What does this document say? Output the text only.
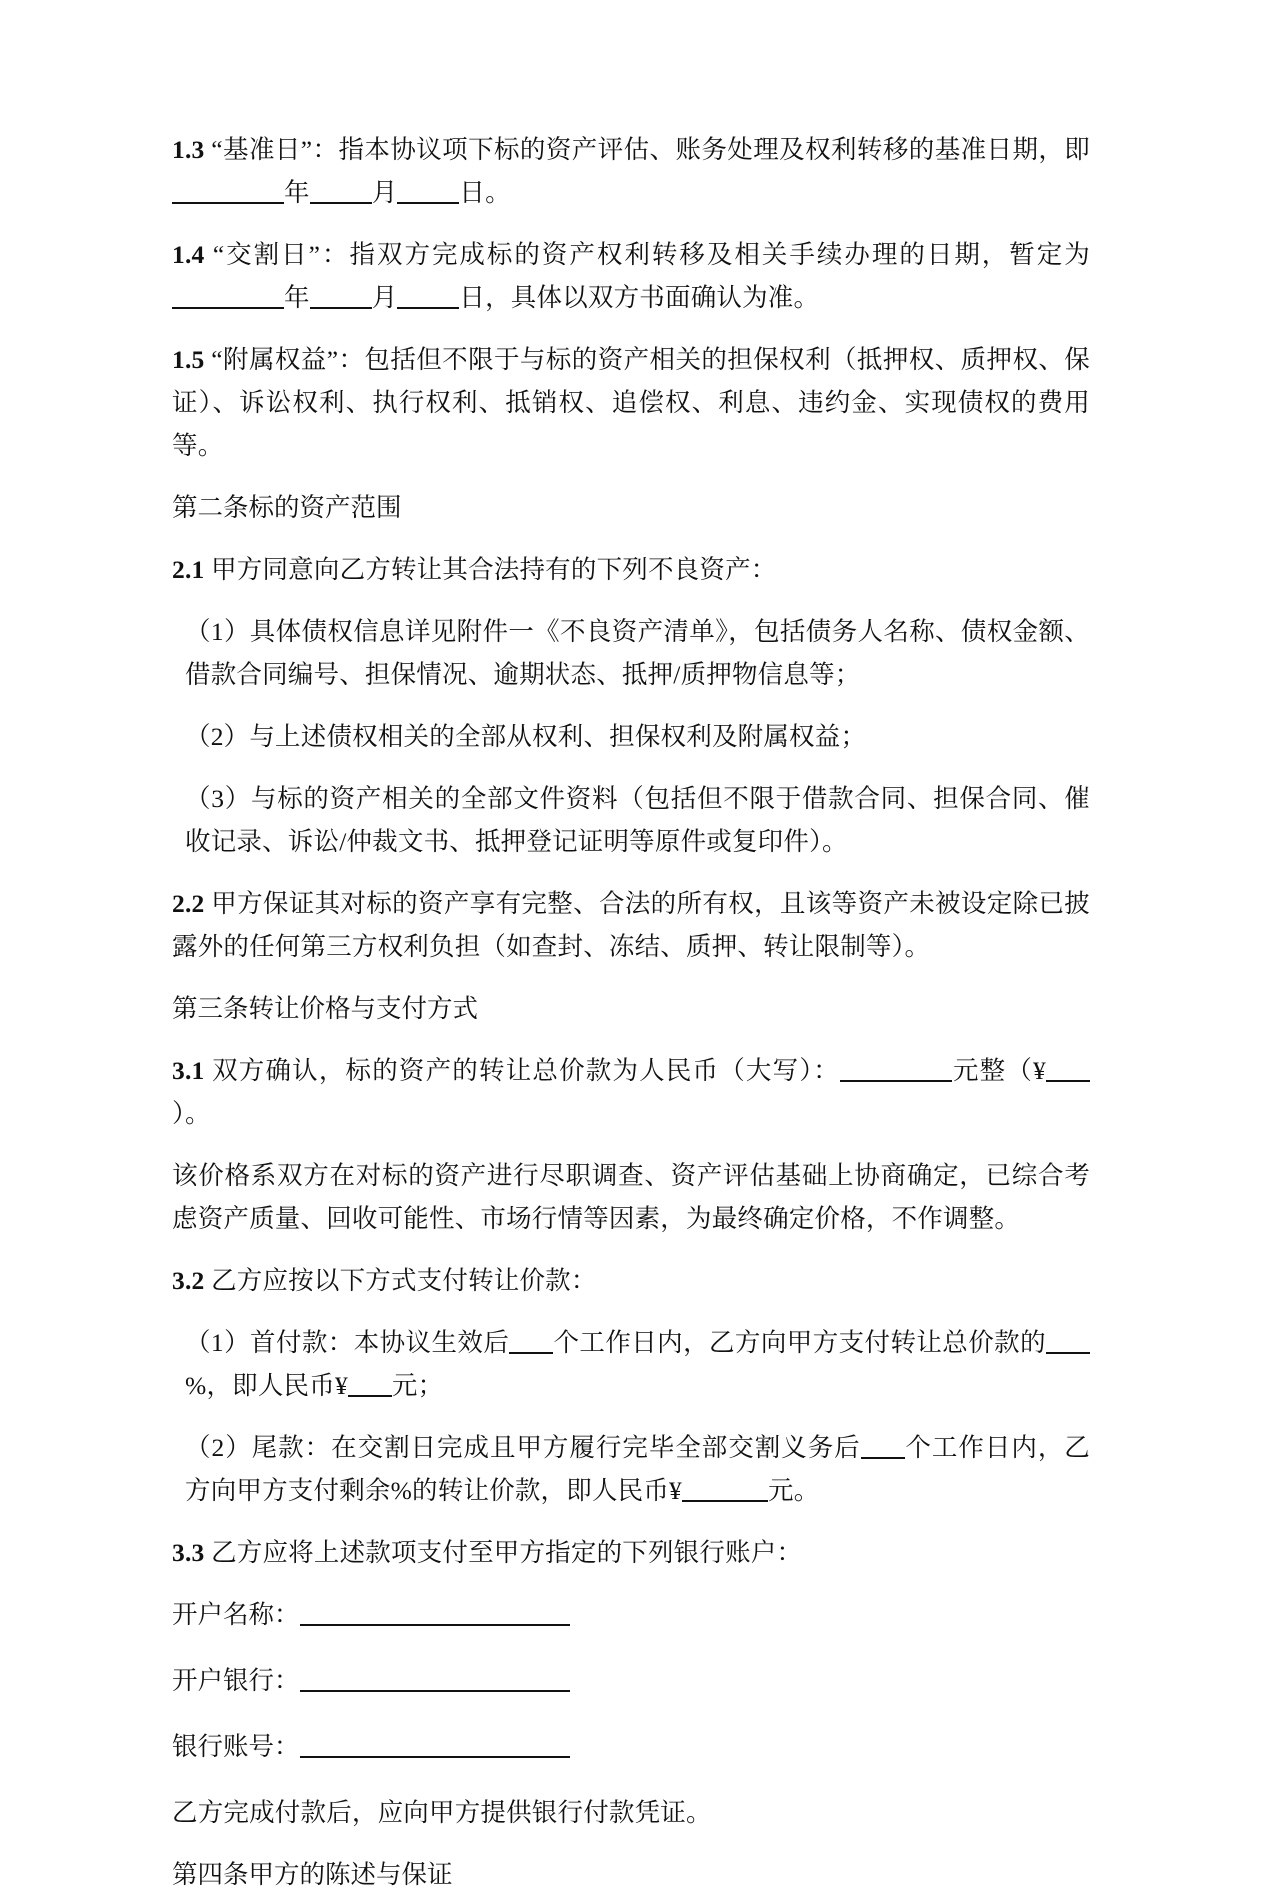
1.3 “基准日”：指本协议项下标的资产评估、账务处理及权利转移的基准日期，即年 月 日。

1.4 “交割日”：指双方完成标的资产权利转移及相关手续办理的日期，暂定为年 月 日，具体以双方书面确认为准。

1.5 “附属权益”：包括但不限于与标的资产相关的担保权利（抵押权、质押权、保证）、诉讼权利、执行权利、抵销权、追偿权、利息、违约金、实现债权的费用等。

第二条标的资产范围

2.1 甲方同意向乙方转让其合法持有的下列不良资产：

（1）具体债权信息详见附件一《不良资产清单》，包括债务人名称、债权金额、借款合同编号、担保情况、逾期状态、抵押/质押物信息等；

（2）与上述债权相关的全部从权利、担保权利及附属权益；

（3）与标的资产相关的全部文件资料（包括但不限于借款合同、担保合同、催收记录、诉讼/仲裁文书、抵押登记证明等原件或复印件）。

2.2 甲方保证其对标的资产享有完整、合法的所有权，且该等资产未被设定除已披露外的任何第三方权利负担（如查封、冻结、质押、转让限制等）。

第三条转让价格与支付方式

3.1 双方确认，标的资产的转让总价款为人民币（大写）：	元整（¥）。

该价格系双方在对标的资产进行尽职调查、资产评估基础上协商确定，已综合考虑资产质量、回收可能性、市场行情等因素，为最终确定价格，不作调整。

3.2 乙方应按以下方式支付转让价款：

（1）首付款：本协议生效后 个工作日内，乙方向甲方支付转让总价款的%，即人民币¥ 元；

（2）尾款：在交割日完成且甲方履行完毕全部交割义务后 个工作日内，乙方向甲方支付剩余%的转让价款，即人民币¥	元。

3.3 乙方应将上述款项支付至甲方指定的下列银行账户：

开户名称：

开户银行：

银行账号：

乙方完成付款后，应向甲方提供银行付款凭证。

第四条甲方的陈述与保证
